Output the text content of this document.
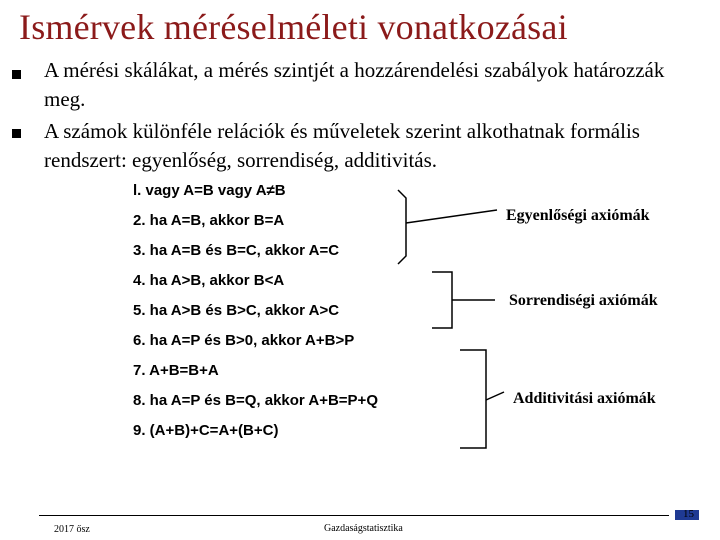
Ismérvek méréselméleti vonatkozásai
A mérési skálákat, a mérés szintjét a hozzárendelési szabályok határozzák meg.
A számok különféle relációk és műveletek szerint alkothatnak formális rendszert: egyenlőség, sorrendiség, additivitás.
l. vagy A=B vagy A≠B
2. ha A=B, akkor B=A
3. ha A=B és B=C, akkor A=C
4. ha A>B, akkor B<A
5. ha A>B és B>C, akkor A>C
6. ha A=P és B>0, akkor A+B>P
7. A+B=B+A
8. ha A=P és B=Q, akkor A+B=P+Q
9. (A+B)+C=A+(B+C)
Egyenlőségi axiómák
Sorrendiségi axiómák
Additivitási axiómák
2017 ősz	Gazdaságstatisztika
15
